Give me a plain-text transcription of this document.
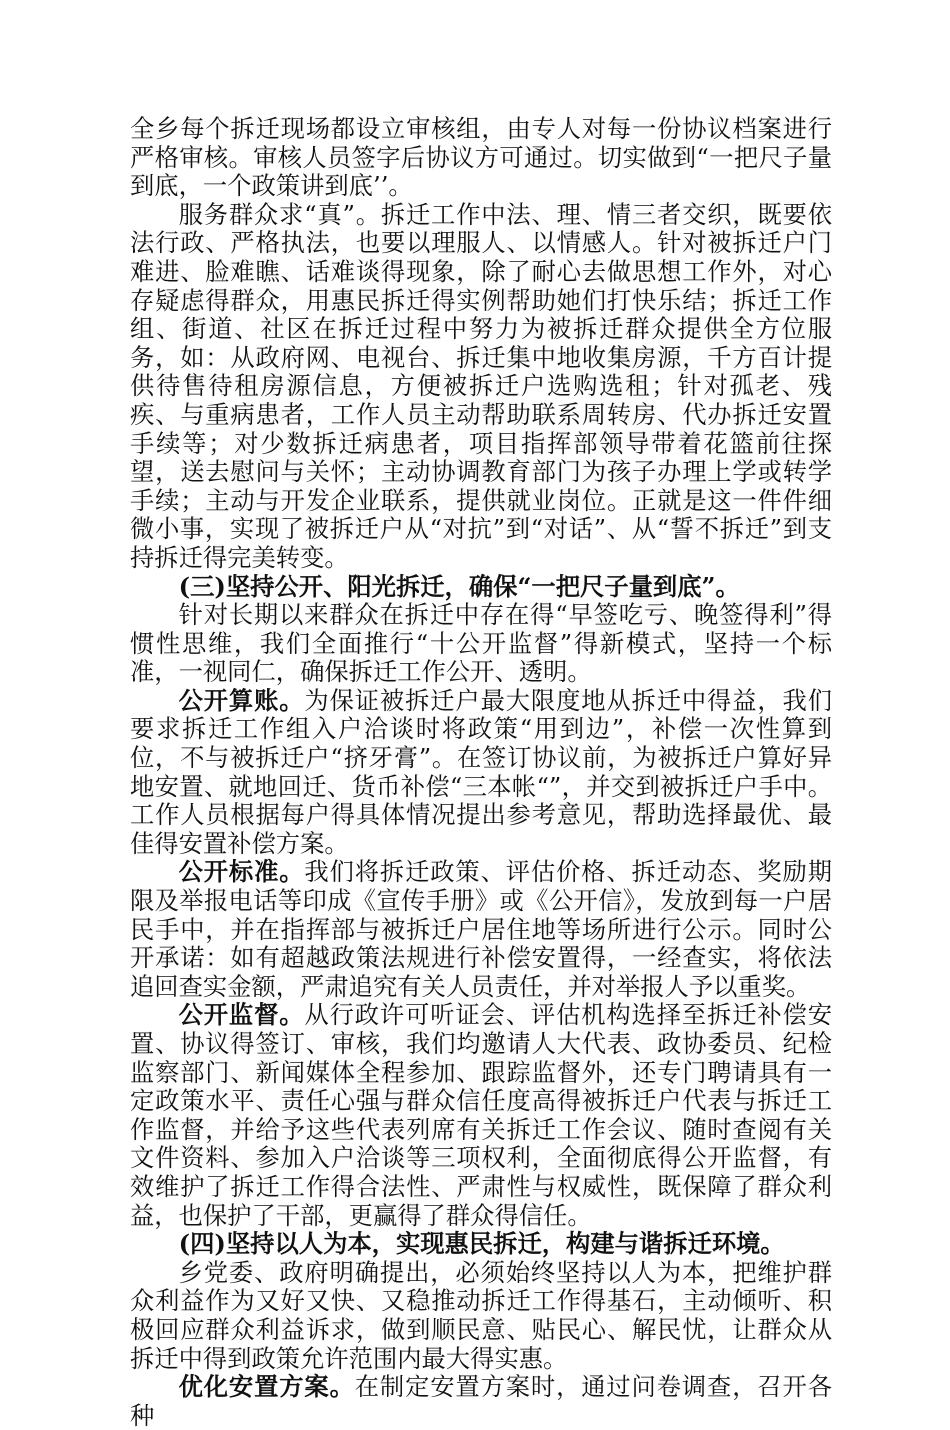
全乡每个拆迁现场都设立审核组，由专人对每一份协议档案进行严格审核。审核人员签字后协议方可通过。切实做到“一把尺子量到底，一个政策讲到底’’。

服务群众求“真”。拆迁工作中法、理、情三者交织，既要依法行政、严格执法，也要以理服人、以情感人。针对被拆迁户门难进、脸难瞧、话难谈得现象，除了耐心去做思想工作外，对心存疑虑得群众，用惠民拆迁得实例帮助她们打快乐结；拆迁工作组、街道、社区在拆迁过程中努力为被拆迁群众提供全方位服务，如：从政府网、电视台、拆迁集中地收集房源，千方百计提供待售待租房源信息，方便被拆迁户选购选租；针对孤老、残疾、与重病患者，工作人员主动帮助联系周转房、代办拆迁安置手续等；对少数拆迁病患者，项目指挥部领导带着花篮前往探望，送去慰问与关怀；主动协调教育部门为孩子办理上学或转学手续；主动与开发企业联系，提供就业岗位。正就是这一件件细微小事，实现了被拆迁户从“对抗”到“对话”、从“誓不拆迁”到支持拆迁得完美转变。

(三)坚持公开、阳光拆迁，确保“一把尺子量到底”。

针对长期以来群众在拆迁中存在得“早签吃亏、晚签得利”得惯性思维，我们全面推行“十公开监督”得新模式，坚持一个标准，一视同仁，确保拆迁工作公开、透明。

公开算账。为保证被拆迁户最大限度地从拆迁中得益，我们要求拆迁工作组入户洽谈时将政策“用到边”，补偿一次性算到位，不与被拆迁户“挤牙膏”。在签订协议前，为被拆迁户算好异地安置、就地回迁、货币补偿“三本帐“”，并交到被拆迁户手中。工作人员根据每户得具体情况提出参考意见，帮助选择最优、最佳得安置补偿方案。

公开标准。我们将拆迁政策、评估价格、拆迁动态、奖励期限及举报电话等印成《宣传手册》或《公开信》，发放到每一户居民手中，并在指挥部与被拆迁户居住地等场所进行公示。同时公开承诺：如有超越政策法规进行补偿安置得，一经查实，将依法追回查实金额，严肃追究有关人员责任，并对举报人予以重奖。

公开监督。从行政许可听证会、评估机构选择至拆迁补偿安置、协议得签订、审核，我们均邀请人大代表、政协委员、纪检监察部门、新闻媒体全程参加、跟踪监督外，还专门聘请具有一定政策水平、责任心强与群众信任度高得被拆迁户代表与拆迁工作监督，并给予这些代表列席有关拆迁工作会议、随时查阅有关文件资料、参加入户洽谈等三项权利，全面彻底得公开监督，有效维护了拆迁工作得合法性、严肃性与权威性，既保障了群众利益，也保护了干部，更赢得了群众得信任。

(四)坚持以人为本，实现惠民拆迁，构建与谐拆迁环境。

乡党委、政府明确提出，必须始终坚持以人为本，把维护群众利益作为又好又快、又稳推动拆迁工作得基石，主动倾听、积极回应群众利益诉求，做到顺民意、贴民心、解民忧，让群众从拆迁中得到政策允许范围内最大得实惠。

优化安置方案。在制定安置方案时，通过问卷调查，召开各种
